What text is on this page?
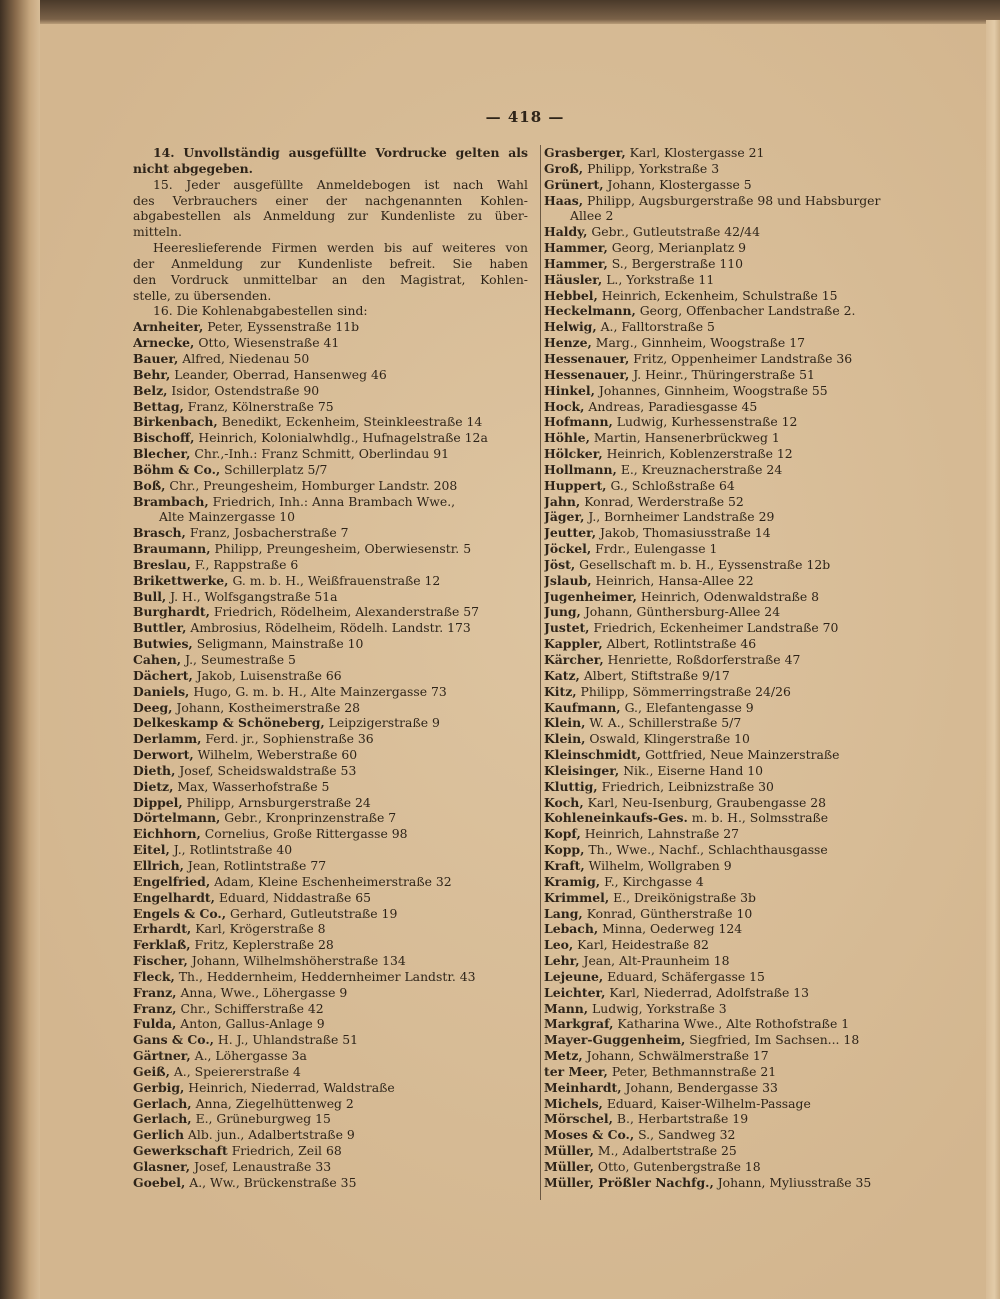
— 418 —
14. Unvollständig ausgefüllte Vordrucke gelten als
nicht abgegeben.
15. Jeder ausgefüllte Anmeldebogen ist nach Wahl
des Verbrauchers einer der nachgenannten Kohlen-
abgabestellen als Anmeldung zur Kundenliste zu über-
mitteln.
Heereslieferende Firmen werden bis auf weiteres von
der Anmeldung zur Kundenliste befreit. Sie haben
den Vordruck unmittelbar an den Magistrat, Kohlen-
stelle, zu übersenden.
16. Die Kohlenabgabestellen sind:
Arnheiter, Peter, Eyssenstraße 11b
Arnecke, Otto, Wiesenstraße 41
Bauer, Alfred, Niedenau 50
Behr, Leander, Oberrad, Hansenweg 46
Belz, Isidor, Ostendstraße 90
Bettag, Franz, Kölnerstraße 75
Birkenbach, Benedikt, Eckenheim, Steinkleestraße 14
Bischoff, Heinrich, Kolonialwhdlg., Hufnagelstraße 12a
Blecher, Chr.,-Inh.: Franz Schmitt, Oberlindau 91
Böhm & Co., Schillerplatz 5/7
Boß, Chr., Preungesheim, Homburger Landstr. 208
Brambach, Friedrich, Inh.: Anna Brambach Wwe.,
Alte Mainzergasse 10
Brasch, Franz, Josbacherstraße 7
Braumann, Philipp, Preungesheim, Oberwiesenstr. 5
Breslau, F., Rappstraße 6
Brikettwerke, G. m. b. H., Weißfrauenstraße 12
Bull, J. H., Wolfsgangstraße 51a
Burghardt, Friedrich, Rödelheim, Alexanderstraße 57
Buttler, Ambrosius, Rödelheim, Rödelh. Landstr. 173
Butwies, Seligmann, Mainstraße 10
Cahen, J., Seumestraße 5
Dächert, Jakob, Luisenstraße 66
Daniels, Hugo, G. m. b. H., Alte Mainzergasse 73
Deeg, Johann, Kostheimerstraße 28
Delkeskamp & Schöneberg, Leipzigerstraße 9
Derlamm, Ferd. jr., Sophienstraße 36
Derwort, Wilhelm, Weberstraße 60
Dieth, Josef, Scheidswaldstraße 53
Dietz, Max, Wasserhofstraße 5
Dippel, Philipp, Arnsburgerstraße 24
Dörtelmann, Gebr., Kronprinzenstraße 7
Eichhorn, Cornelius, Große Rittergasse 98
Eitel, J., Rotlintstraße 40
Ellrich, Jean, Rotlintstraße 77
Engelfried, Adam, Kleine Eschenheimerstraße 32
Engelhardt, Eduard, Niddastraße 65
Engels & Co., Gerhard, Gutleutstraße 19
Erhardt, Karl, Krögerstraße 8
Ferklaß, Fritz, Keplerstraße 28
Fischer, Johann, Wilhelmshöherstraße 134
Fleck, Th., Heddernheim, Heddernheimer Landstr. 43
Franz, Anna, Wwe., Löhergasse 9
Franz, Chr., Schifferstraße 42
Fulda, Anton, Gallus-Anlage 9
Gans & Co., H. J., Uhlandstraße 51
Gärtner, A., Löhergasse 3a
Geiß, A., Speiererstraße 4
Gerbig, Heinrich, Niederrad, Waldstraße
Gerlach, Anna, Ziegelhüttenweg 2
Gerlach, E., Grüneburgweg 15
Gerlich Alb. jun., Adalbertstraße 9
Gewerkschaft Friedrich, Zeil 68
Glasner, Josef, Lenaustraße 33
Goebel, A., Ww., Brückenstraße 35
Grasberger, Karl, Klostergasse 21
Groß, Philipp, Yorkstraße 3
Grünert, Johann, Klostergasse 5
Haas, Philipp, Augsburgerstraße 98 und Habsburger
Allee 2
Haldy, Gebr., Gutleutstraße 42/44
Hammer, Georg, Merianplatz 9
Hammer, S., Bergerstraße 110
Häusler, L., Yorkstraße 11
Hebbel, Heinrich, Eckenheim, Schulstraße 15
Heckelmann, Georg, Offenbacher Landstraße 2.
Helwig, A., Falltorstraße 5
Henze, Marg., Ginnheim, Woogstraße 17
Hessenauer, Fritz, Oppenheimer Landstraße 36
Hessenauer, J. Heinr., Thüringerstraße 51
Hinkel, Johannes, Ginnheim, Woogstraße 55
Hock, Andreas, Paradiesgasse 45
Hofmann, Ludwig, Kurhessenstraße 12
Höhle, Martin, Hansenerbrückweg 1
Hölcker, Heinrich, Koblenzerstraße 12
Hollmann, E., Kreuznacherstraße 24
Huppert, G., Schloßstraße 64
Jahn, Konrad, Werderstraße 52
Jäger, J., Bornheimer Landstraße 29
Jeutter, Jakob, Thomasiusstraße 14
Jöckel, Frdr., Eulengasse 1
Jöst, Gesellschaft m. b. H., Eyssenstraße 12b
Jslaub, Heinrich, Hansa-Allee 22
Jugenheimer, Heinrich, Odenwaldstraße 8
Jung, Johann, Günthersburg-Allee 24
Justet, Friedrich, Eckenheimer Landstraße 70
Kappler, Albert, Rotlintstraße 46
Kärcher, Henriette, Roßdorferstraße 47
Katz, Albert, Stiftstraße 9/17
Kitz, Philipp, Sömmerringstraße 24/26
Kaufmann, G., Elefantengasse 9
Klein, W. A., Schillerstraße 5/7
Klein, Oswald, Klingerstraße 10
Kleinschmidt, Gottfried, Neue Mainzerstraße
Kleisinger, Nik., Eiserne Hand 10
Kluttig, Friedrich, Leibnizstraße 30
Koch, Karl, Neu-Isenburg, Graubengasse 28
Kohleneinkaufs-Ges. m. b. H., Solmsstraße
Kopf, Heinrich, Lahnstraße 27
Kopp, Th., Wwe., Nachf., Schlachthausgasse
Kraft, Wilhelm, Wollgraben 9
Kramig, F., Kirchgasse 4
Krimmel, E., Dreikönigstraße 3b
Lang, Konrad, Güntherstraße 10
Lebach, Minna, Oederweg 124
Leo, Karl, Heidestraße 82
Lehr, Jean, Alt-Praunheim 18
Lejeune, Eduard, Schäfergasse 15
Leichter, Karl, Niederrad, Adolfstraße 13
Mann, Ludwig, Yorkstraße 3
Markgraf, Katharina Wwe., Alte Rothofstraße 1
Mayer-Guggenheim, Siegfried, Im Sachsen... 18
Metz, Johann, Schwälmerstraße 17
ter Meer, Peter, Bethmannstraße 21
Meinhardt, Johann, Bendergasse 33
Michels, Eduard, Kaiser-Wilhelm-Passage
Mörschel, B., Herbartstraße 19
Moses & Co., S., Sandweg 32
Müller, M., Adalbertstraße 25
Müller, Otto, Gutenbergstraße 18
Müller, Prößler Nachfg., Johann, Myliusstraße 35
